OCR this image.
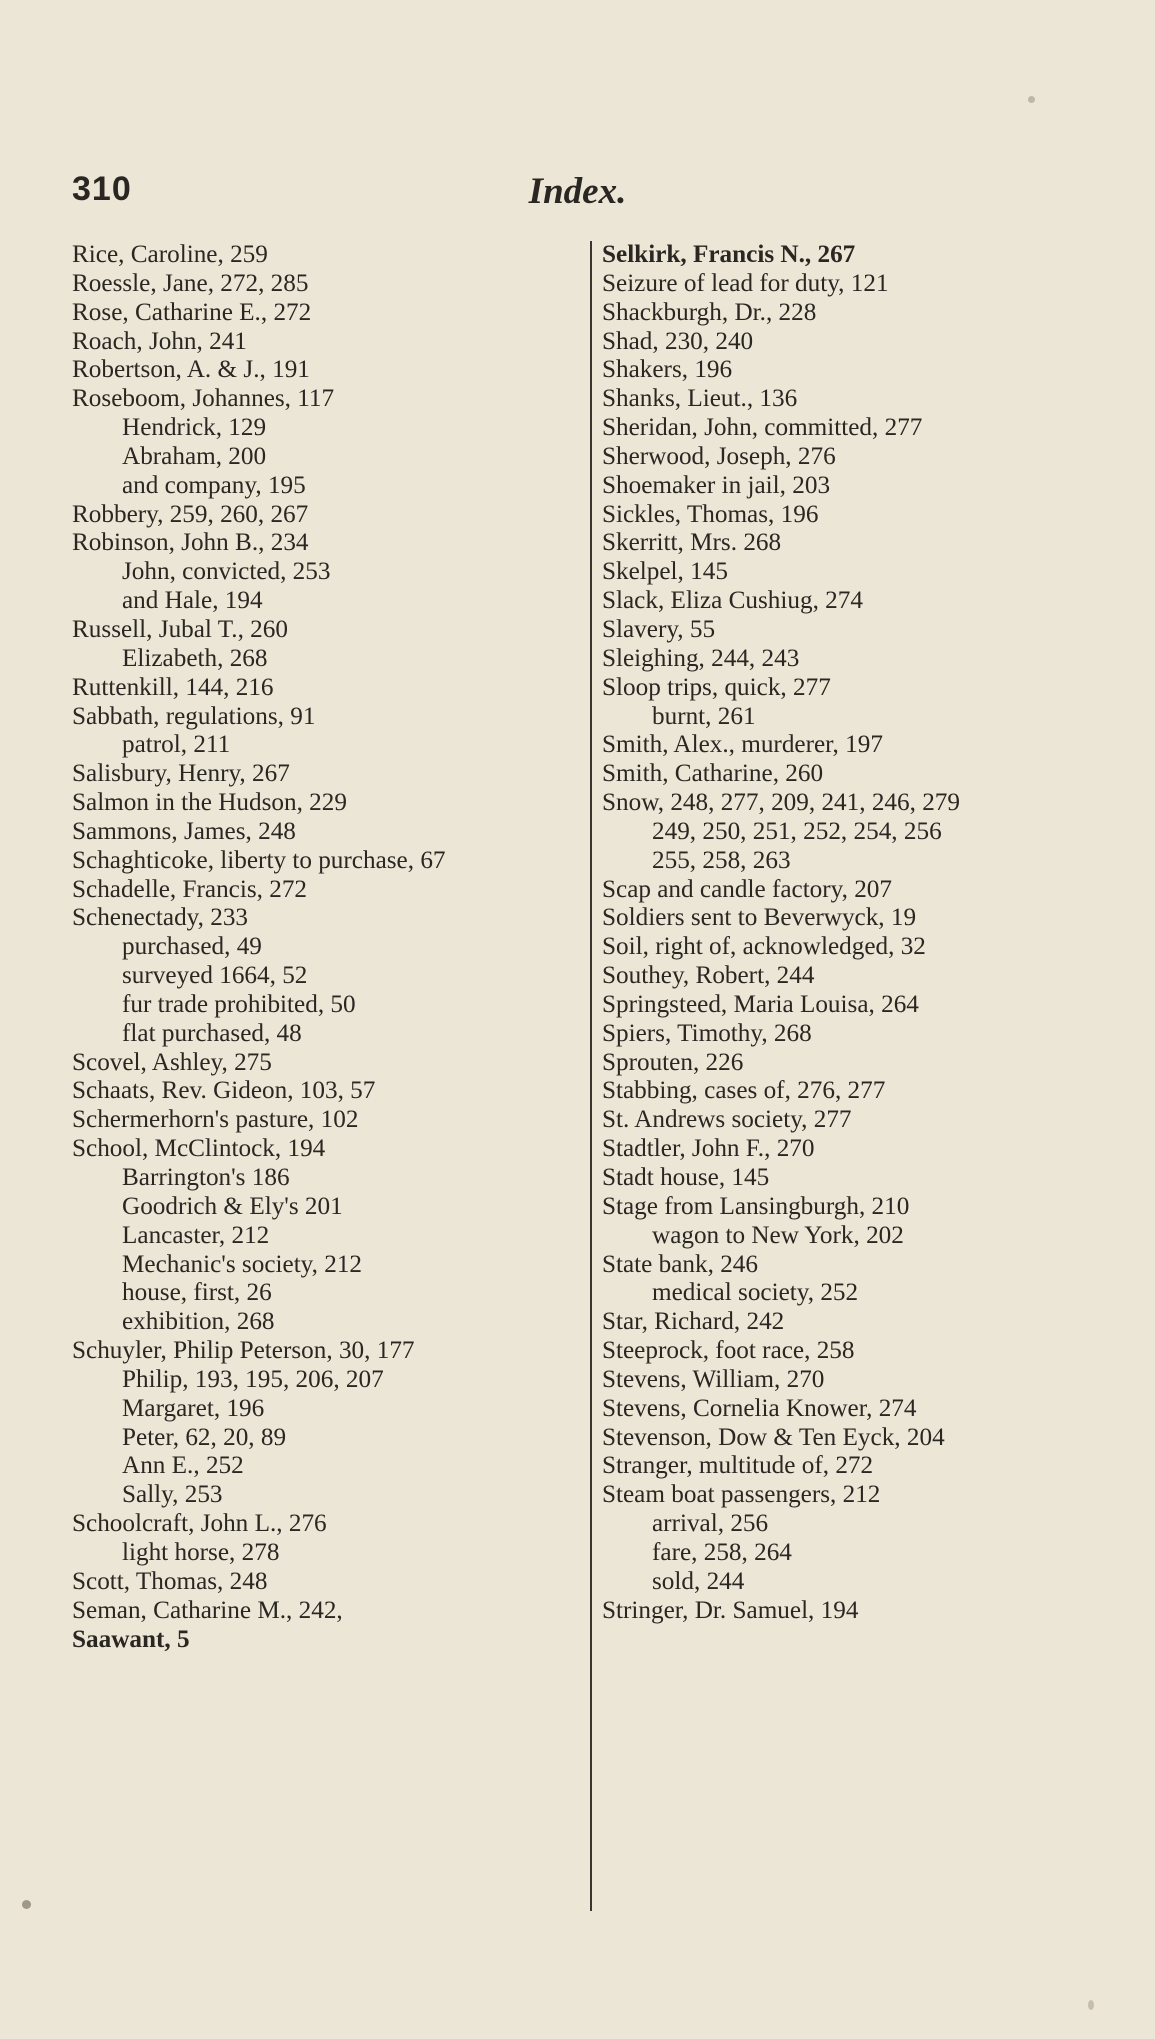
310	Index.
Rice, Caroline, 259
Roessle, Jane, 272, 285
Rose, Catharine E., 272
Roach, John, 241
Robertson, A. & J., 191
Roseboom, Johannes, 117
Hendrick, 129
Abraham, 200
and company, 195
Robbery, 259, 260, 267
Robinson, John B., 234
John, convicted, 253
and Hale, 194
Russell, Jubal T., 260
Elizabeth, 268
Ruttenkill, 144, 216
Sabbath, regulations, 91
patrol, 211
Salisbury, Henry, 267
Salmon in the Hudson, 229
Sammons, James, 248
Schaghticoke, liberty to purchase, 67
Schadelle, Francis, 272
Schenectady, 233
purchased, 49
surveyed 1664, 52
fur trade prohibited, 50
flat purchased, 48
Scovel, Ashley, 275
Schaats, Rev. Gideon, 103, 57
Schermerhorn's pasture, 102
School, McClintock, 194
Barrington's 186
Goodrich & Ely's 201
Lancaster, 212
Mechanic's society, 212
house, first, 26
exhibition, 268
Schuyler, Philip Peterson, 30, 177
Philip, 193, 195, 206, 207
Margaret, 196
Peter, 62, 20, 89
Ann E., 252
Sally, 253
Schoolcraft, John L., 276
light horse, 278
Scott, Thomas, 248
Seman, Catharine M., 242,
Saawant, 5
Selkirk, Francis N., 267
Seizure of lead for duty, 121
Shackburgh, Dr., 228
Shad, 230, 240
Shakers, 196
Shanks, Lieut., 136
Sheridan, John, committed, 277
Sherwood, Joseph, 276
Shoemaker in jail, 203
Sickles, Thomas, 196
Skerritt, Mrs. 268
Skelpel, 145
Slack, Eliza Cushiug, 274
Slavery, 55
Sleighing, 244, 243
Sloop trips, quick, 277
burnt, 261
Smith, Alex., murderer, 197
Smith, Catharine, 260
Snow, 248, 277, 209, 241, 246, 279
249, 250, 251, 252, 254, 256
255, 258, 263
Scap and candle factory, 207
Soldiers sent to Beverwyck, 19
Soil, right of, acknowledged, 32
Southey, Robert, 244
Springsteed, Maria Louisa, 264
Spiers, Timothy, 268
Sprouten, 226
Stabbing, cases of, 276, 277
St. Andrews society, 277
Stadtler, John F., 270
Stadt house, 145
Stage from Lansingburgh, 210
wagon to New York, 202
State bank, 246
medical society, 252
Star, Richard, 242
Steeprock, foot race, 258
Stevens, William, 270
Stevens, Cornelia Knower, 274
Stevenson, Dow & Ten Eyck, 204
Stranger, multitude of, 272
Steam boat passengers, 212
arrival, 256
fare, 258, 264
sold, 244
Stringer, Dr. Samuel, 194
